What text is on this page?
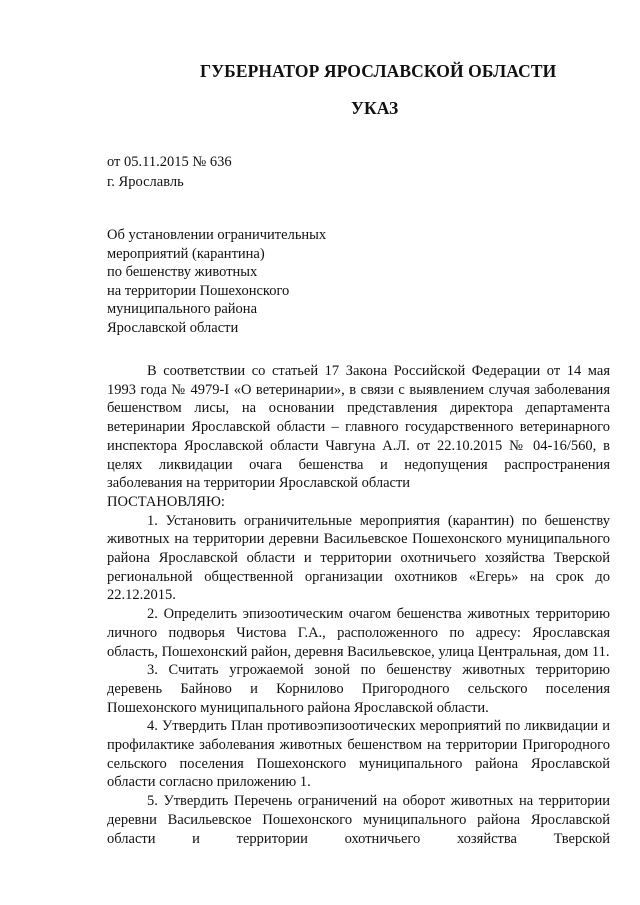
ГУБЕРНАТОР ЯРОСЛАВСКОЙ ОБЛАСТИ
УКАЗ
от 05.11.2015 № 636
г. Ярославль
Об установлении ограничительных
мероприятий (карантина)
по бешенству животных
на территории Пошехонского
муниципального района
Ярославской области

В соответствии со статьей 17 Закона Российской Федерации от 14 мая 1993 года № 4979-I «О ветеринарии», в связи с выявлением случая заболевания бешенством лисы, на основании представления директора департамента ветеринарии Ярославской области – главного государственного ветеринарного инспектора Ярославской области Чавгуна А.Л. от 22.10.2015 № 04-16/560, в целях ликвидации очага бешенства и недопущения распространения заболевания на территории Ярославской области

ПОСТАНОВЛЯЮ:

1. Установить ограничительные мероприятия (карантин) по бешенству животных на территории деревни Васильевское Пошехонского муниципального района Ярославской области и территории охотничьего хозяйства Тверской региональной общественной организации охотников «Егерь» на срок до 22.12.2015.

2. Определить эпизоотическим очагом бешенства животных территорию личного подворья Чистова Г.А., расположенного по адресу: Ярославская область, Пошехонский район, деревня Васильевское, улица Центральная, дом 11.

3. Считать угрожаемой зоной по бешенству животных территорию деревень Байново и Корнилово Пригородного сельского поселения Пошехонского муниципального района Ярославской области.

4. Утвердить План противоэпизоотических мероприятий по ликвидации и профилактике заболевания животных бешенством на территории Пригородного сельского поселения Пошехонского муниципального района Ярославской области согласно приложению 1.

5. Утвердить Перечень ограничений на оборот животных на территории деревни Васильевское Пошехонского муниципального района Ярославской области и территории охотничьего хозяйства Тверской
